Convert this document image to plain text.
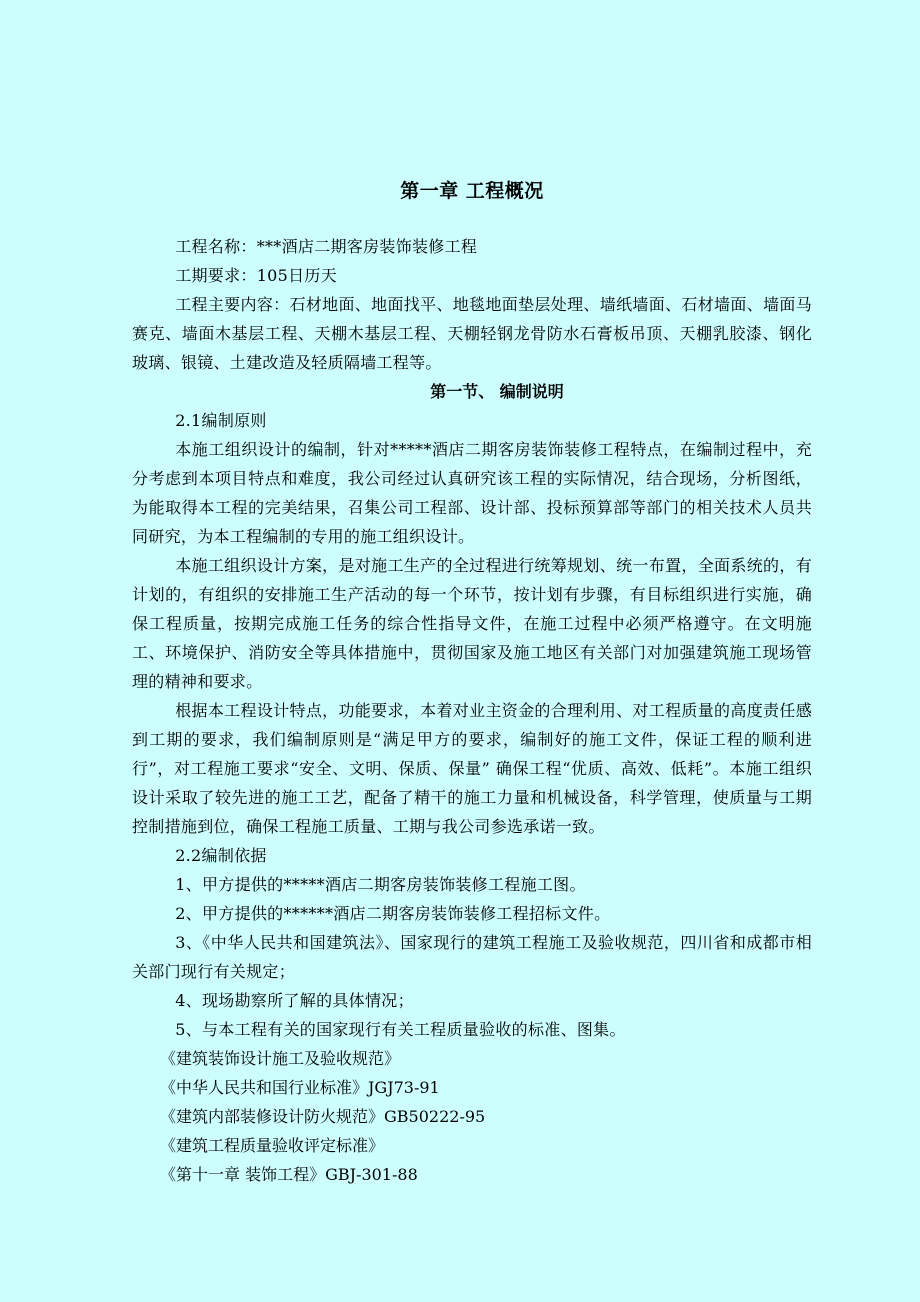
第一章 工程概况

工程名称：***酒店二期客房装饰装修工程

工期要求：105日历天

工程主要内容：石材地面、地面找平、地毯地面垫层处理、墙纸墙面、石材墙面、墙面马赛克、墙面木基层工程、天棚木基层工程、天棚轻钢龙骨防水石膏板吊顶、天棚乳胶漆、钢化玻璃、银镜、土建改造及轻质隔墙工程等。

第一节、 编制说明

2.1编制原则

本施工组织设计的编制，针对*****酒店二期客房装饰装修工程特点，在编制过程中，充分考虑到本项目特点和难度，我公司经过认真研究该工程的实际情况，结合现场，分析图纸，为能取得本工程的完美结果，召集公司工程部、设计部、投标预算部等部门的相关技术人员共同研究，为本工程编制的专用的施工组织设计。

本施工组织设计方案，是对施工生产的全过程进行统筹规划、统一布置，全面系统的，有计划的，有组织的安排施工生产活动的每一个环节，按计划有步骤，有目标组织进行实施，确保工程质量，按期完成施工任务的综合性指导文件，在施工过程中必须严格遵守。在文明施工、环境保护、消防安全等具体措施中，贯彻国家及施工地区有关部门对加强建筑施工现场管理的精神和要求。

根据本工程设计特点，功能要求，本着对业主资金的合理利用、对工程质量的高度责任感到工期的要求，我们编制原则是“满足甲方的要求，编制好的施工文件，保证工程的顺利进行”，对工程施工要求“安全、文明、保质、保量” 确保工程“优质、高效、低耗”。本施工组织设计采取了较先进的施工工艺，配备了精干的施工力量和机械设备，科学管理，使质量与工期控制措施到位，确保工程施工质量、工期与我公司参选承诺一致。

2.2编制依据

1、甲方提供的*****酒店二期客房装饰装修工程施工图。

2、甲方提供的******酒店二期客房装饰装修工程招标文件。

3、《中华人民共和国建筑法》、国家现行的建筑工程施工及验收规范，四川省和成都市相关部门现行有关规定；

4、现场勘察所了解的具体情况；

5、与本工程有关的国家现行有关工程质量验收的标准、图集。

《建筑装饰设计施工及验收规范》

《中华人民共和国行业标准》JGJ73-91

《建筑内部装修设计防火规范》GB50222-95

《建筑工程质量验收评定标准》

《第十一章 装饰工程》GBJ-301-88
